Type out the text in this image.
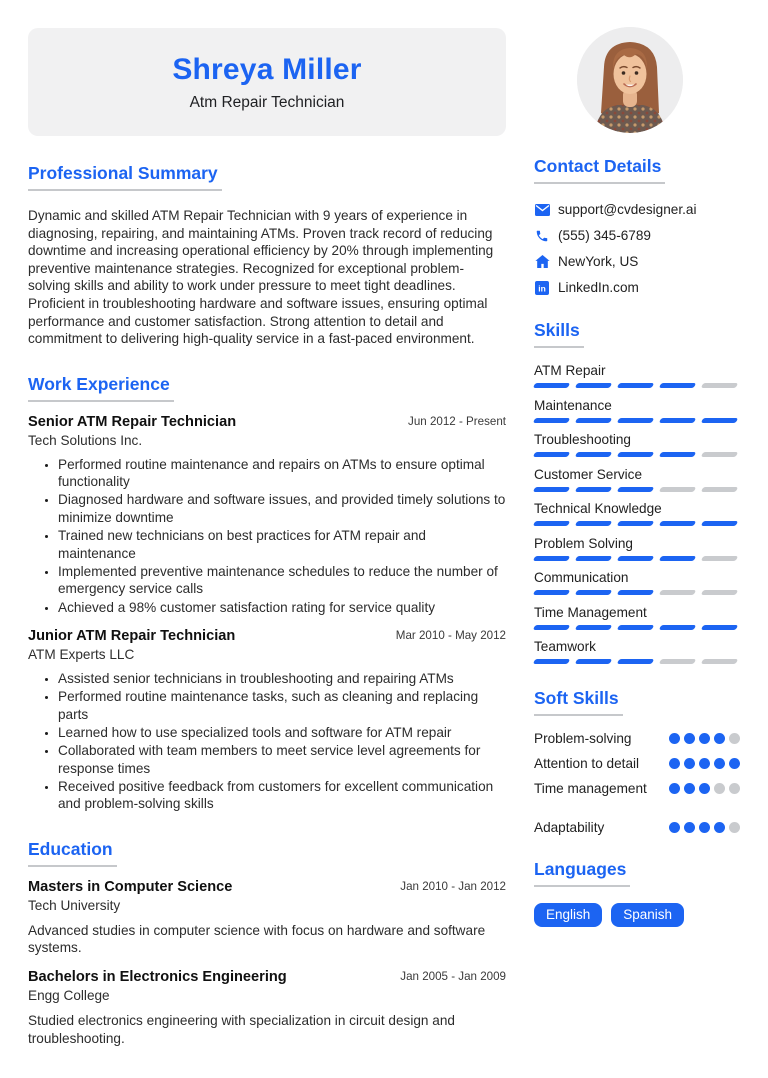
Shreya Miller
Atm Repair Technician
Professional Summary
Dynamic and skilled ATM Repair Technician with 9 years of experience in diagnosing, repairing, and maintaining ATMs. Proven track record of reducing downtime and increasing operational efficiency by 20% through implementing preventive maintenance strategies. Recognized for exceptional problem-solving skills and ability to work under pressure to meet tight deadlines. Proficient in troubleshooting hardware and software issues, ensuring optimal performance and customer satisfaction. Strong attention to detail and commitment to delivering high-quality service in a fast-paced environment.
Work Experience
Senior ATM Repair Technician	Jun 2012 - Present
Tech Solutions Inc.
• Performed routine maintenance and repairs on ATMs to ensure optimal functionality
• Diagnosed hardware and software issues, and provided timely solutions to minimize downtime
• Trained new technicians on best practices for ATM repair and maintenance
• Implemented preventive maintenance schedules to reduce the number of emergency service calls
• Achieved a 98% customer satisfaction rating for service quality
Junior ATM Repair Technician	Mar 2010 - May 2012
ATM Experts LLC
• Assisted senior technicians in troubleshooting and repairing ATMs
• Performed routine maintenance tasks, such as cleaning and replacing parts
• Learned how to use specialized tools and software for ATM repair
• Collaborated with team members to meet service level agreements for response times
• Received positive feedback from customers for excellent communication and problem-solving skills
Education
Masters in Computer Science	Jan 2010 - Jan 2012
Tech University
Advanced studies in computer science with focus on hardware and software systems.
Bachelors in Electronics Engineering	Jan 2005 - Jan 2009
Engg College
Studied electronics engineering with specialization in circuit design and troubleshooting.
Contact Details
support@cvdesigner.ai
(555) 345-6789
NewYork, US
in LinkedIn.com
Skills
ATM Repair
Maintenance
Troubleshooting
Customer Service
Technical Knowledge
Problem Solving
Communication
Time Management
Teamwork
Soft Skills
Problem-solving
Attention to detail
Time management
Adaptability
Languages
English	Spanish
